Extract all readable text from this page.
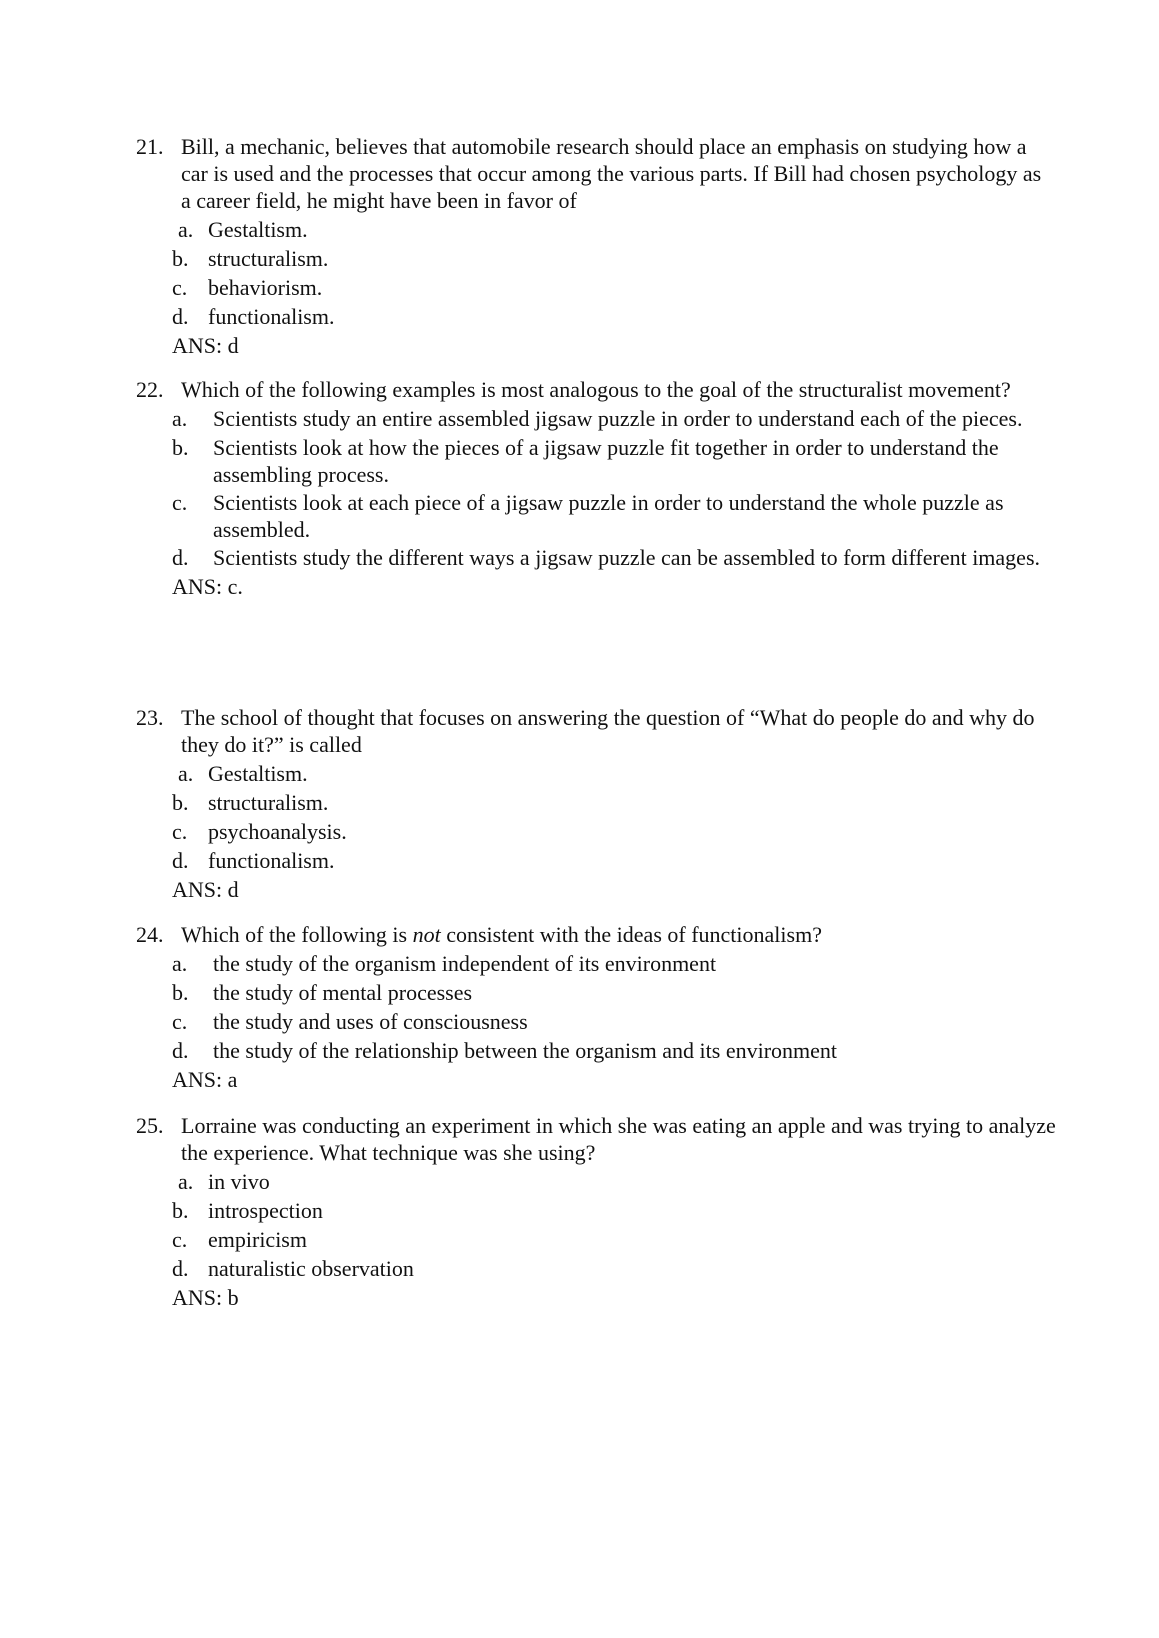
21. Bill, a mechanic, believes that automobile research should place an emphasis on studying how a car is used and the processes that occur among the various parts. If Bill had chosen psychology as a career field, he might have been in favor of

a. Gestaltism.
b. structuralism.
c. behaviorism.
d. functionalism.
ANS: d

22. Which of the following examples is most analogous to the goal of the structuralist movement?

a. Scientists study an entire assembled jigsaw puzzle in order to understand each of the pieces.
b. Scientists look at how the pieces of a jigsaw puzzle fit together in order to understand the assembling process.
c. Scientists look at each piece of a jigsaw puzzle in order to understand the whole puzzle as assembled.
d. Scientists study the different ways a jigsaw puzzle can be assembled to form different images.
ANS: c.

23. The school of thought that focuses on answering the question of “What do people do and why do they do it?” is called

a. Gestaltism.
b. structuralism.
c. psychoanalysis.
d. functionalism.
ANS: d

24. Which of the following is not consistent with the ideas of functionalism?

a. the study of the organism independent of its environment
b. the study of mental processes
c. the study and uses of consciousness
d. the study of the relationship between the organism and its environment
ANS: a

25. Lorraine was conducting an experiment in which she was eating an apple and was trying to analyze the experience. What technique was she using?

a. in vivo
b. introspection
c. empiricism
d. naturalistic observation
ANS: b
